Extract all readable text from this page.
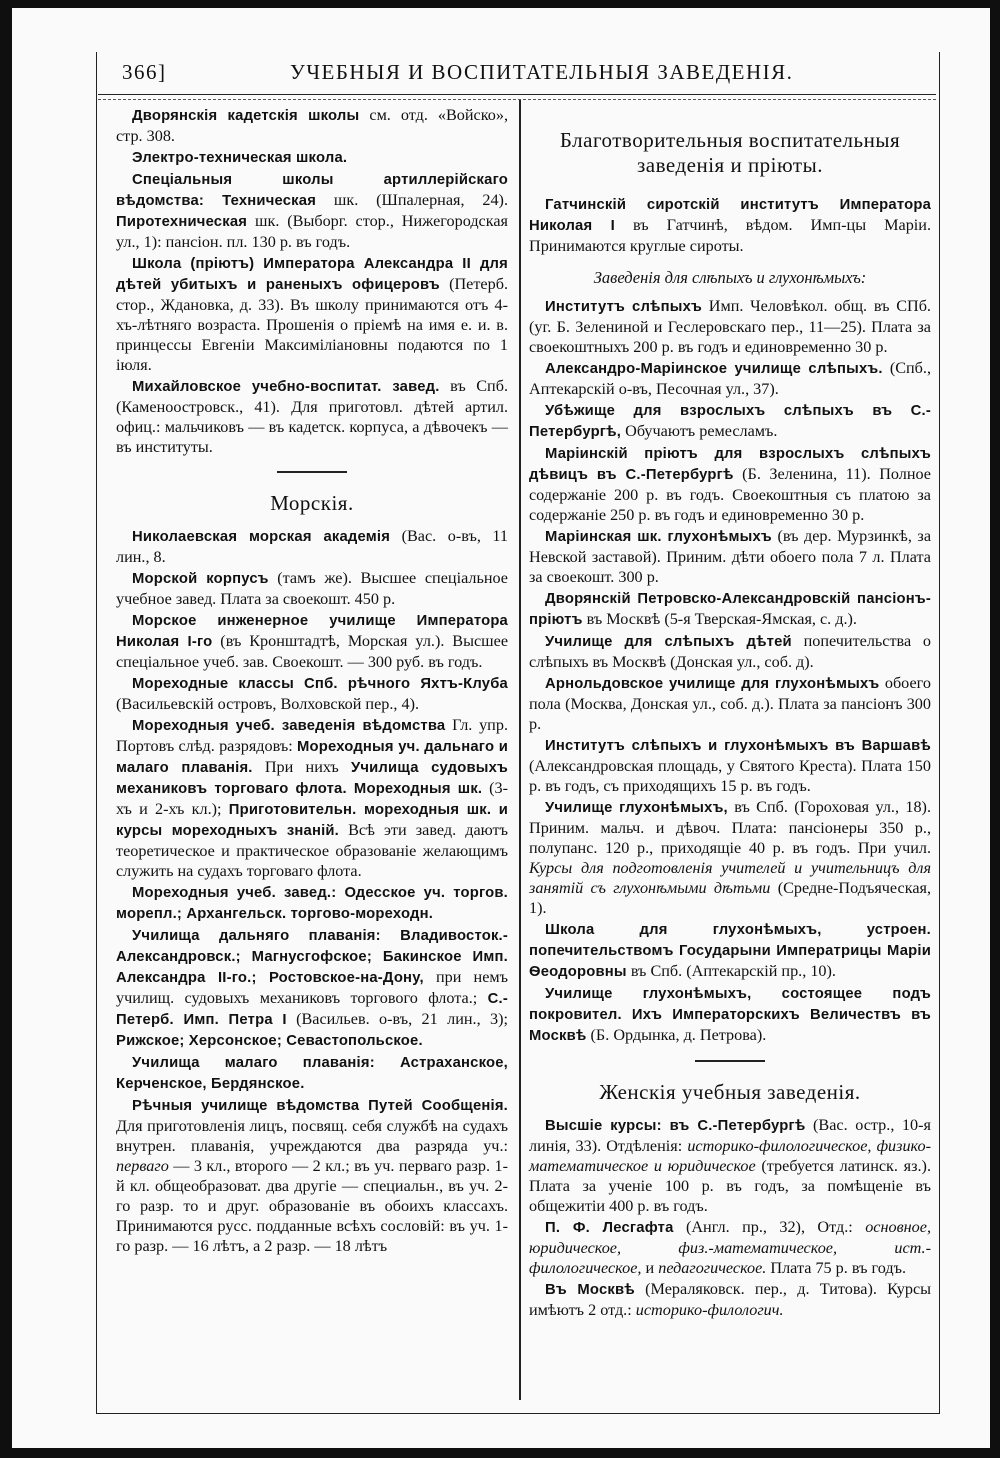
366]	УЧЕБНЫЯ И ВОСПИТАТЕЛЬНЫЯ ЗАВЕДЕНІЯ.

Дворянскія кадетскія школы см. отд. «Войско», стр. 308.

Электро-техническая школа.

Спеціальныя школы артиллерійскаго вѣдомства: Техническая шк. (Шпалерная, 24). Пиротехническая шк. (Выборг. стор., Нижегородская ул., 1): пансіон. пл. 130 р. въ годъ.

Школа (пріютъ) Императора Александра II для дѣтей убитыхъ и раненыхъ офицеровъ (Петерб. стор., Ждановка, д. 33). Въ школу принимаются отъ 4-хъ-лѣтняго возраста. Прошенія о пріемѣ на имя е. и. в. принцессы Евгеніи Максиміліановны подаются по 1 іюля.

Михайловское учебно-воспитат. завед. въ Спб. (Каменоостровск., 41). Для приготовл. дѣтей артил. офиц.: мальчиковъ — въ кадетск. корпуса, а дѣвочекъ — въ институты.

Морскія.

Николаевская морская академія (Вас. о-въ, 11 лин., 8.

Морской корпусъ (тамъ же). Высшее спеціальное учебное завед. Плата за своекошт. 450 р.

Морское инженерное училище Императора Николая I-го (въ Кронштадтѣ, Морская ул.). Высшее спеціальное учеб. зав. Своекошт. — 300 руб. въ годъ.

Мореходные классы Спб. рѣчного Яхтъ-Клуба (Васильевскій островъ, Волховской пер., 4).

Мореходныя учеб. заведенія вѣдомства Гл. упр. Портовъ слѣд. разрядовъ: Мореходныя уч. дальнаго и малаго плаванія. При нихъ Училища судовыхъ механиковъ торговаго флота. Мореходныя шк. (3-хъ и 2-хъ кл.); Приготовительн. мореходныя шк. и курсы мореходныхъ знаній. Всѣ эти завед. даютъ теоретическое и практическое образованіе желающимъ служить на судахъ торговаго флота.

Мореходныя учеб. завед.: Одесское уч. торгов. морепл.; Архангельск. торгово-мореходн.

Училища дальняго плаванія: Владивосток.-Александровск.; Магнусгофское; Бакинское Имп. Александра II-го.; Ростовское-на-Дону, при немъ училищ. судовыхъ механиковъ торгового флота.; С.-Петерб. Имп. Петра I (Васильев. о-въ, 21 лин., 3); Рижское; Херсонское; Севастопольское.

Училища малаго плаванія: Астраханское, Керченское, Бердянское.

Рѣчныя училище вѣдомства Путей Сообщенія. Для приготовленія лицъ, посвящ. себя службѣ на судахъ внутрен. плаванія, учреждаются два разряда уч.: перваго — 3 кл., второго — 2 кл.; въ уч. перваго разр. 1-й кл. общеобразоват. два другіе — специальн., въ уч. 2-го разр. то и друг. образованіе въ обоихъ классахъ. Принимаются русс. подданные всѣхъ сословій: въ уч. 1-го разр. — 16 лѣтъ, а 2 разр. — 18 лѣтъ

Благотворительныя воспитательныя заведенія и пріюты.

Гатчинскій сиротскій институтъ Императора Николая I въ Гатчинѣ, вѣдом. Имп-цы Маріи. Принимаются круглые сироты.

Заведенія для слѣпыхъ и глухонѣмыхъ:

Институтъ слѣпыхъ Имп. Человѣкол. общ. въ СПб. (уг. Б. Зелениной и Геслеровскаго пер., 11—25). Плата за своекоштныхъ 200 р. въ годъ и единовременно 30 р.

Александро-Маріинское училище слѣпыхъ. (Спб., Аптекарскій о-въ, Песочная ул., 37).

Убѣжище для взрослыхъ слѣпыхъ въ С.-Петербургѣ, Обучаютъ ремесламъ.

Маріинскій пріютъ для взрослыхъ слѣпыхъ дѣвицъ въ С.-Петербургѣ (Б. Зеленина, 11). Полное содержаніе 200 р. въ годъ. Своекоштныя съ платою за содержаніе 250 р. въ годъ и единовременно 30 р.

Маріинская шк. глухонѣмыхъ (въ дер. Мурзинкѣ, за Невской заставой). Приним. дѣти обоего пола 7 л. Плата за своекошт. 300 р.

Дворянскій Петровско-Александровскій пансіонъ-пріютъ въ Москвѣ (5-я Тверская-Ямская, с. д.).

Училище для слѣпыхъ дѣтей попечительства о слѣпыхъ въ Москвѣ (Донская ул., соб. д).

Арнольдовское училище для глухонѣмыхъ обоего пола (Москва, Донская ул., соб. д.). Плата за пансіонъ 300 р.

Институтъ слѣпыхъ и глухонѣмыхъ въ Варшавѣ (Александровская площадь, у Святого Креста). Плата 150 р. въ годъ, съ приходящихъ 15 р. въ годъ.

Училище глухонѣмыхъ, въ Спб. (Гороховая ул., 18). Приним. мальч. и дѣвоч. Плата: пансіонеры 350 р., полупанс. 120 р., приходящіе 40 р. въ годъ. При учил. Курсы для подготовленія учителей и учительницъ для занятій съ глухонѣмыми дѣтьми (Средне-Подъяческая, 1).

Школа для глухонѣмыхъ, устроен. попечительствомъ Государыни Императрицы Маріи Ѳеодоровны въ Спб. (Аптекарскій пр., 10).

Училище глухонѣмыхъ, состоящее подъ покровител. Ихъ Императорскихъ Величествъ въ Москвѣ (Б. Ордынка, д. Петрова).

Женскія учебныя заведенія.

Высшіе курсы: въ С.-Петербургѣ (Вас. остр., 10-я линія, 33). Отдѣленія: историко-филологическое, физико-математическое и юридическое (требуется латинск. яз.). Плата за ученіе 100 р. въ годъ, за помѣщеніе въ общежитіи 400 р. въ годъ.

П. Ф. Лесгафта (Англ. пр., 32), Отд.: основное, юридическое, физ.-математическое, ист.-филологическое, и педагогическое. Плата 75 р. въ годъ.

Въ Москвѣ (Мераляковск. пер., д. Титова). Курсы имѣютъ 2 отд.: историко-филологич.
